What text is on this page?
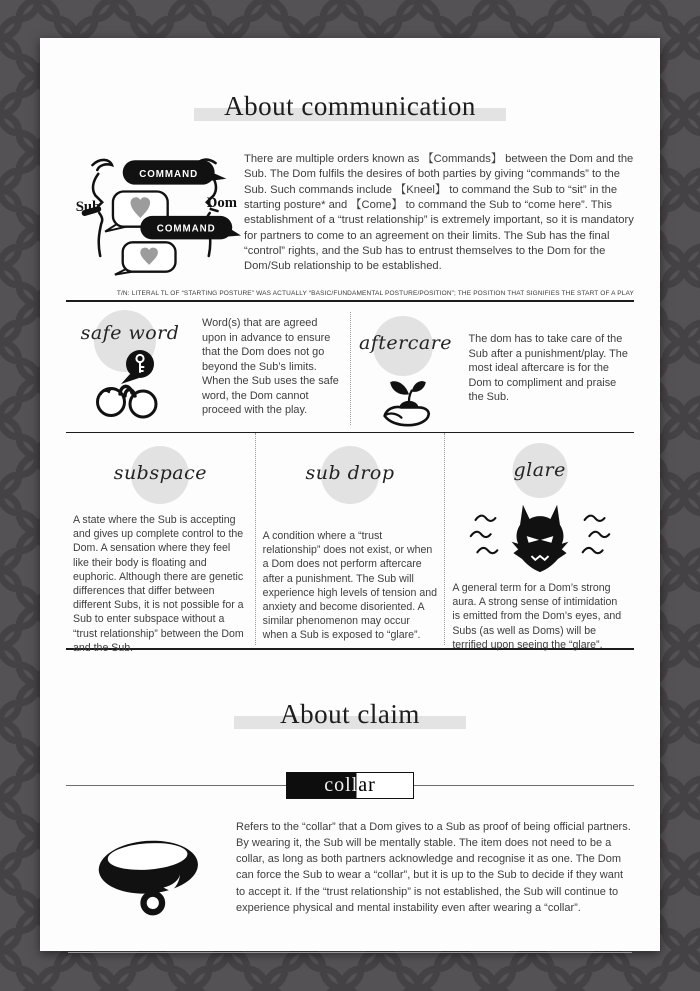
About communication
Sub	Dom
COMMAND
COMMAND

There are multiple orders known as 【Commands】 between the Dom and the Sub. The Dom fulfils the desires of both parties by giving “commands” to the Sub. Such commands include 【Kneel】 to command the Sub to “sit” in the starting posture* and 【Come】 to command the Sub to “come here”. This establishment of a “trust relationship” is extremely important, so it is mandatory for partners to come to an agreement on their limits. The Sub has the final “control” rights, and the Sub has to entrust themselves to the Dom for the Dom/Sub relationship to be established.

T/N: LITERAL TL OF “STARTING POSTURE” WAS ACTUALLY “BASIC/FUNDAMENTAL POSTURE/POSITION”; THE POSITION THAT SIGNIFIES THE START OF A PLAY
safe word	Word(s) that are agreed upon in advance to ensure that the Dom does not go beyond the Sub’s limits. When the Sub uses the safe word, the Dom cannot proceed with the play.

aftercare	The dom has to take care of the Sub after a punishment/play. The most ideal aftercare is for the Dom to compliment and praise the Sub.

subspace

A state where the Sub is accepting and gives up complete control to the Dom. A sensation where they feel like their body is floating and euphoric. Although there are genetic differences that differ between different Subs, it is not possible for a Sub to enter subspace without a “trust relationship” between the Dom and the Sub.

sub drop

A condition where a “trust relationship” does not exist, or when a Dom does not perform aftercare after a punishment. The Sub will experience high levels of tension and anxiety and become disoriented. A similar phenomenon may occur when a Sub is exposed to “glare”.

glare

A general term for a Dom’s strong aura. A strong sense of intimidation is emitted from the Dom’s eyes, and Subs (as well as Doms) will be terrified upon seeing the “glare”.

About claim
collar

Refers to the “collar” that a Dom gives to a Sub as proof of being official partners. By wearing it, the Sub will be mentally stable. The item does not need to be a collar, as long as both partners acknowledge and recognise it as one. The Dom can force the Sub to wear a “collar”, but it is up to the Sub to decide if they want to accept it. If the “trust relationship” is not established, the Sub will continue to experience physical and mental instability even after wearing a “collar”.
